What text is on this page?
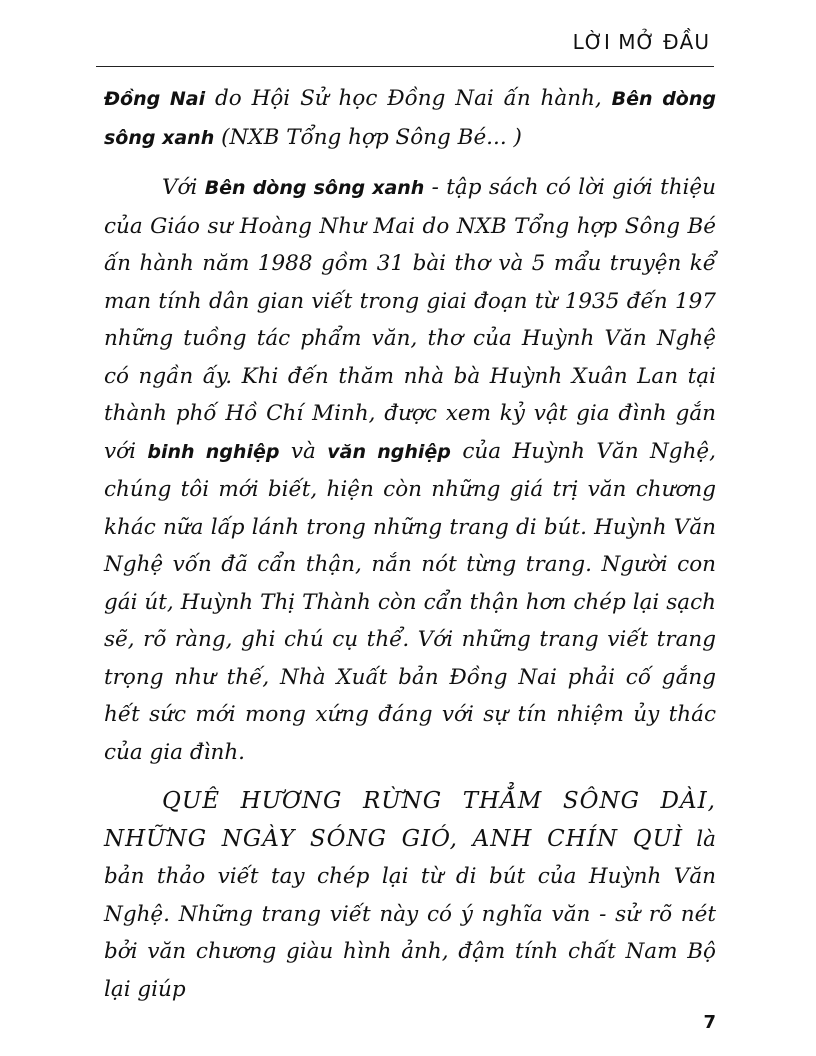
LỜI MỞ ĐẦU

Đồng Nai do Hội Sử học Đồng Nai ấn hành, Bên dòng sông xanh (NXB Tổng hợp Sông Bé... )

Với Bên dòng sông xanh - tập sách có lời giới thiệu của Giáo sư Hoàng Như Mai do NXB Tổng hợp Sông Bé ấn hành năm 1988 gồm 31 bài thơ và 5 mẩu truyện kể man tính dân gian viết trong giai đoạn từ 1935 đến 197 những tuồng tác phẩm văn, thơ của Huỳnh Văn Nghệ có ngần ấy. Khi đến thăm nhà bà Huỳnh Xuân Lan tại thành phố Hồ Chí Minh, được xem kỷ vật gia đình gắn với binh nghiệp và văn nghiệp của Huỳnh Văn Nghệ, chúng tôi mới biết, hiện còn những giá trị văn chương khác nữa lấp lánh trong những trang di bút. Huỳnh Văn Nghệ vốn đã cẩn thận, nắn nót từng trang. Người con gái út, Huỳnh Thị Thành còn cẩn thận hơn chép lại sạch sẽ, rõ ràng, ghi chú cụ thể. Với những trang viết trang trọng như thế, Nhà Xuất bản Đồng Nai phải cố gắng hết sức mới mong xứng đáng với sự tín nhiệm ủy thác của gia đình.

QUÊ HƯƠNG RỪNG THẲM SÔNG DÀI, NHỮNG NGÀY SÓNG GIÓ, ANH CHÍN QUÌ là bản thảo viết tay chép lại từ di bút của Huỳnh Văn Nghệ. Những trang viết này có ý nghĩa văn - sử rõ nét bởi văn chương giàu hình ảnh, đậm tính chất Nam Bộ lại giúp

7
